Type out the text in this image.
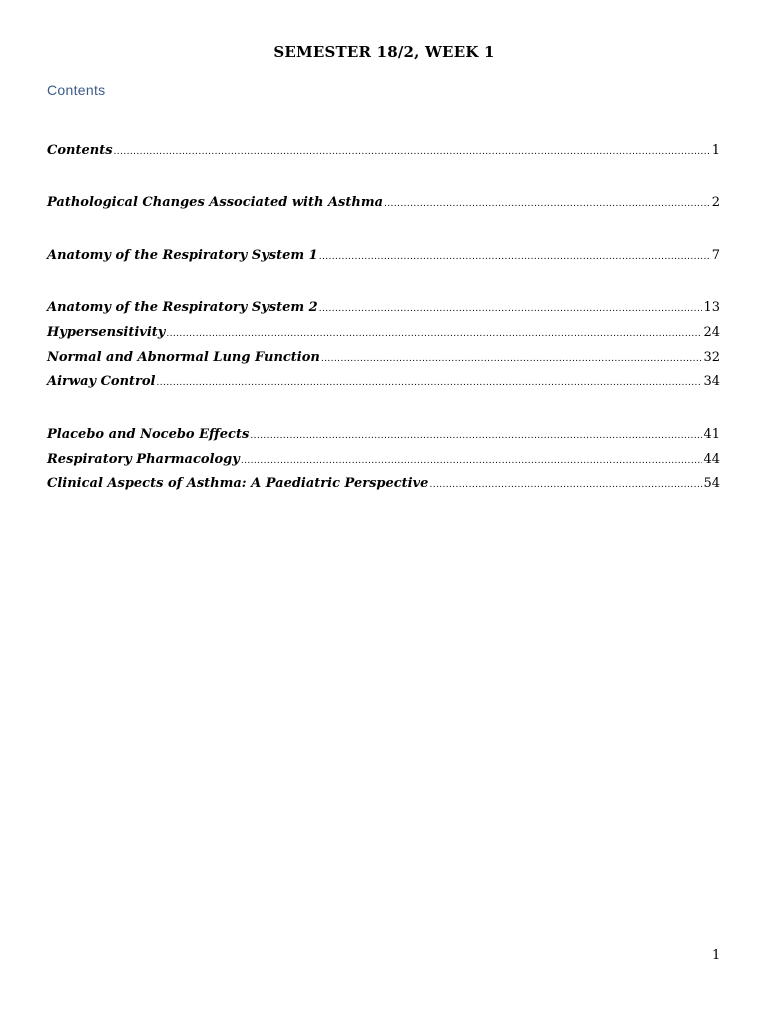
SEMESTER 18/2, WEEK 1
Contents
Contents .....	1
Pathological Changes Associated with Asthma .....	2
Anatomy of the Respiratory System 1 .....	7
Anatomy of the Respiratory System 2 .....	13
Hypersensitivity .....	24
Normal and Abnormal Lung Function .....	32
Airway Control .....	34
Placebo and Nocebo Effects .....	41
Respiratory Pharmacology .....	44
Clinical Aspects of Asthma: A Paediatric Perspective .....	54
1
